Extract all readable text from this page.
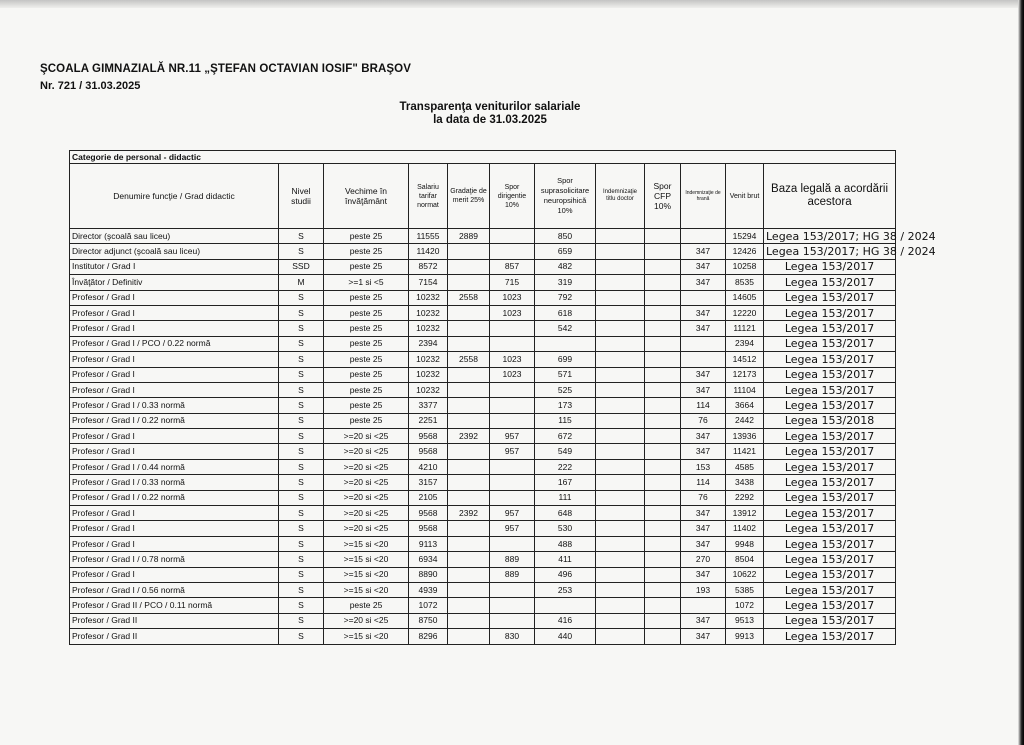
ŞCOALA GIMNAZIALĂ NR.11 „ŞTEFAN OCTAVIAN IOSIF" BRAŞOV
Nr. 721 / 31.03.2025
Transparenţa veniturilor salariale
la data de 31.03.2025
Categorie de personal - didactic											
Denumire funcţie / Grad didactic	Nivel studii	Vechime în învăţământ	Salariu tarifar normat	Gradaţie de merit 25%	Spor dirigentie 10%	Spor suprasolicitare neuropsihică 10%	Indemnizaţie titlu doctor	Spor CFP 10%	Indemnizaţie de hrană	Venit brut	Baza legală a acordării acestora
Director (şcoală sau liceu)	S	peste 25	11555	2889		850				15294	Legea 153/2017; HG 38 / 2024
Director adjunct (şcoală sau liceu)	S	peste 25	11420			659			347	12426	Legea 153/2017; HG 38 / 2024
Institutor / Grad I	SSD	peste 25	8572		857	482			347	10258	Legea 153/2017
Învăţător / Definitiv	M	>=1 si <5	7154		715	319			347	8535	Legea 153/2017
Profesor / Grad I	S	peste 25	10232	2558	1023	792				14605	Legea 153/2017
Profesor / Grad I	S	peste 25	10232		1023	618			347	12220	Legea 153/2017
Profesor / Grad I	S	peste 25	10232			542			347	11121	Legea 153/2017
Profesor / Grad I / PCO / 0.22 normă	S	peste 25	2394							2394	Legea 153/2017
Profesor / Grad I	S	peste 25	10232	2558	1023	699				14512	Legea 153/2017
Profesor / Grad I	S	peste 25	10232		1023	571			347	12173	Legea 153/2017
Profesor / Grad I	S	peste 25	10232			525			347	11104	Legea 153/2017
Profesor / Grad I / 0.33 normă	S	peste 25	3377			173			114	3664	Legea 153/2017
Profesor / Grad I / 0.22 normă	S	peste 25	2251			115			76	2442	Legea 153/2018
Profesor / Grad I	S	>=20 si <25	9568	2392	957	672			347	13936	Legea 153/2017
Profesor / Grad I	S	>=20 si <25	9568		957	549			347	11421	Legea 153/2017
Profesor / Grad I / 0.44 normă	S	>=20 si <25	4210			222			153	4585	Legea 153/2017
Profesor / Grad I / 0.33 normă	S	>=20 si <25	3157			167			114	3438	Legea 153/2017
Profesor / Grad I / 0.22 normă	S	>=20 si <25	2105			111			76	2292	Legea 153/2017
Profesor / Grad I	S	>=20 si <25	9568	2392	957	648			347	13912	Legea 153/2017
Profesor / Grad I	S	>=20 si <25	9568		957	530			347	11402	Legea 153/2017
Profesor / Grad I	S	>=15 si <20	9113			488			347	9948	Legea 153/2017
Profesor / Grad I / 0.78 normă	S	>=15 si <20	6934		889	411			270	8504	Legea 153/2017
Profesor / Grad I	S	>=15 si <20	8890		889	496			347	10622	Legea 153/2017
Profesor / Grad I / 0.56 normă	S	>=15 si <20	4939			253			193	5385	Legea 153/2017
Profesor / Grad II / PCO / 0.11 normă	S	peste 25	1072							1072	Legea 153/2017
Profesor / Grad II	S	>=20 si <25	8750			416			347	9513	Legea 153/2017
Profesor / Grad II	S	>=15 si <20	8296		830	440			347	9913	Legea 153/2017
